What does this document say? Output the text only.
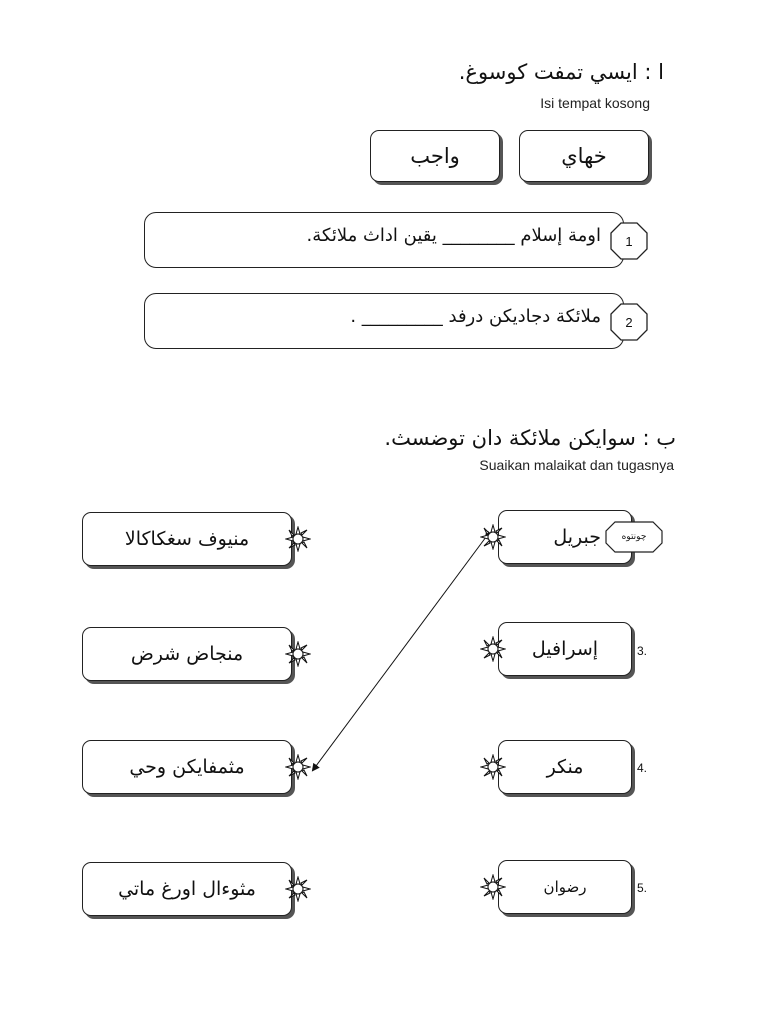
ا : ايسي تمفت كوسوغ.
Isi tempat kosong
خهاي
واجب
اومة إسلام ________ يقين اداث ملائكة.	1
ملائكة دجاديكن درفد _________ .	2
ب : سوايكن ملائكة دان توضسث.
Suaikan malaikat dan tugasnya
منيوف سغكاكالا
منجاض شرض
مثمفايكن وحي
مثوءال اورغ ماتي
جبريل
إسرافيل
منكر
رضوان
چونتوه
3.
4.
5.
